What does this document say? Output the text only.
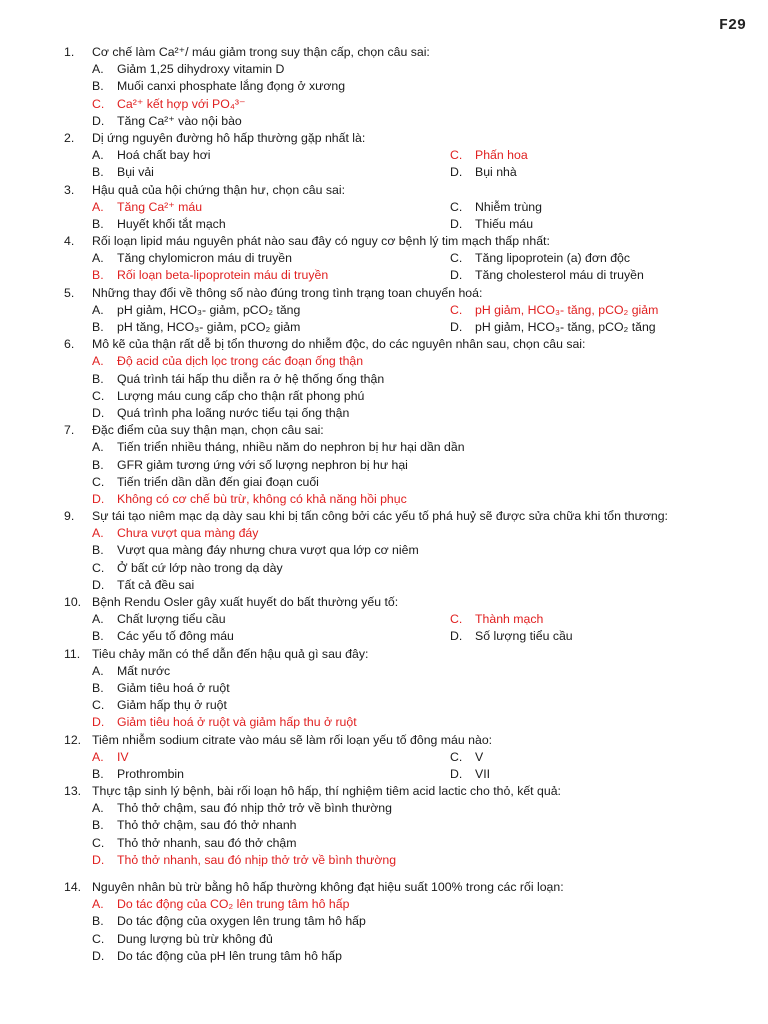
F29
1.	Cơ chế làm Ca²⁺/ máu giảm trong suy thận cấp, chọn câu sai:
A.	Giảm 1,25 dihydroxy vitamin D
B.	Muối canxi phosphate lắng đọng ở xương
C.	Ca²⁺ kết hợp với PO₄³⁻
D.	Tăng Ca²⁺ vào nội bào
2.	Dị ứng nguyên đường hô hấp thường gặp nhất là:
A.	Hoá chất bay hơi	C.	Phấn hoa
B.	Bụi vải	D.	Bụi nhà
3.	Hậu quả của hội chứng thận hư, chọn câu sai:
A.	Tăng Ca²⁺ máu	C.	Nhiễm trùng
B.	Huyết khối tắt mạch	D.	Thiếu máu
4.	Rối loạn lipid máu nguyên phát nào sau đây có nguy cơ bệnh lý tim mạch thấp nhất:
A.	Tăng chylomicron máu di truyền	C.	Tăng lipoprotein (a) đơn độc
B.	Rối loạn beta-lipoprotein máu di truyền	D.	Tăng cholesterol máu di truyền
5.	Những thay đổi về thông số nào đúng trong tình trạng toan chuyển hoá:
A.	pH giảm, HCO₃- giảm, pCO₂ tăng	C.	pH giảm, HCO₃- tăng, pCO₂ giảm
B.	pH tăng, HCO₃- giảm, pCO₂ giảm	D.	pH giảm, HCO₃- tăng, pCO₂ tăng
6.	Mô kẽ của thận rất dễ bị tổn thương do nhiễm độc, do các nguyên nhân sau, chọn câu sai:
A.	Độ acid của dịch lọc trong các đoạn ống thận
B.	Quá trình tái hấp thu diễn ra ở hệ thống ống thận
C.	Lượng máu cung cấp cho thận rất phong phú
D.	Quá trình pha loãng nước tiểu tại ống thận
7.	Đặc điểm của suy thận mạn, chọn câu sai:
A.	Tiến triển nhiều tháng, nhiều năm do nephron bị hư hại dần dần
B.	GFR giảm tương ứng với số lượng nephron bị hư hại
C.	Tiến triển dần dần đến giai đoạn cuối
D.	Không có cơ chế bù trừ, không có khả năng hồi phục
9.	Sự tái tạo niêm mạc dạ dày sau khi bị tấn công bởi các yếu tố phá huỷ sẽ được sửa chữa khi tổn thương:
A.	Chưa vượt qua màng đáy
B.	Vượt qua màng đáy nhưng chưa vượt qua lớp cơ niêm
C.	Ở bất cứ lớp nào trong dạ dày
D.	Tất cả đều sai
10. Bệnh Rendu Osler gây xuất huyết do bất thường yếu tố:
A.	Chất lượng tiểu cầu	C.	Thành mạch
B.	Các yếu tố đông máu	D.	Số lượng tiểu cầu
11. Tiêu chảy mãn có thể dẫn đến hậu quả gì sau đây:
A.	Mất nước
B.	Giảm tiêu hoá ở ruột
C.	Giảm hấp thụ ở ruột
D.	Giảm tiêu hoá ở ruột và giảm hấp thu ở ruột
12. Tiêm nhiễm sodium citrate vào máu sẽ làm rối loạn yếu tố đông máu nào:
A.	IV	C.	V
B.	Prothrombin	D.	VII
13. Thực tập sinh lý bệnh, bài rối loạn hô hấp, thí nghiệm tiêm acid lactic cho thỏ, kết quả:
A.	Thỏ thở chậm, sau đó nhịp thở trở về bình thường
B.	Thỏ thở chậm, sau đó thở nhanh
C.	Thỏ thở nhanh, sau đó thở chậm
D.	Thỏ thở nhanh, sau đó nhịp thở trở về bình thường
14. Nguyên nhân bù trừ bằng hô hấp thường không đạt hiệu suất 100% trong các rối loạn:
A.	Do tác động của CO₂ lên trung tâm hô hấp
B.	Do tác động của oxygen lên trung tâm hô hấp
C.	Dung lượng bù trừ không đủ
D.	Do tác động của pH lên trung tâm hô hấp
